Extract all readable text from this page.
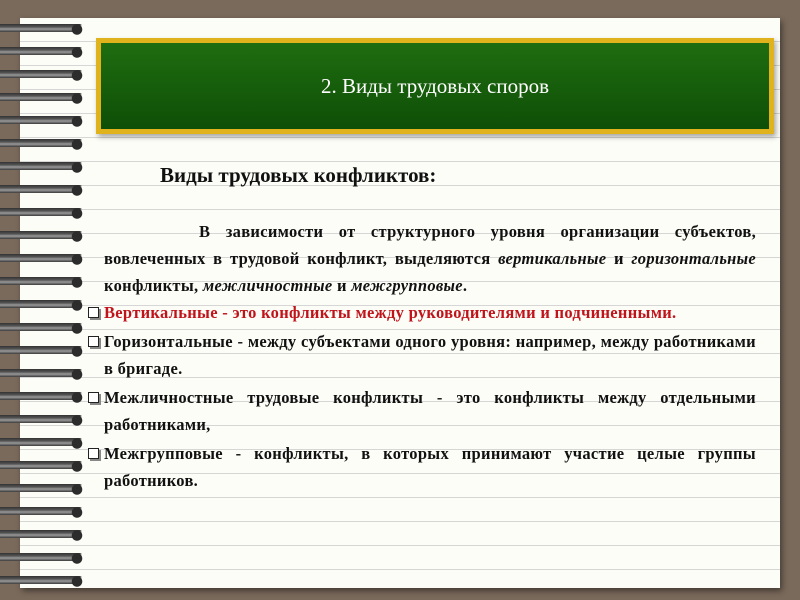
2. Виды трудовых споров
Виды трудовых конфликтов:

В зависимости от структурного уровня организации субъектов, вовлеченных в трудовой конфликт, выделяются вертикальные и горизонтальные конфликты, межличностные и межгрупповые.

Вертикальные - это конфликты между руководителями и подчиненными.

Горизонтальные - между субъектами одного уровня: например, между работниками в бригаде.

Межличностные трудовые конфликты - это конфликты между отдельными работниками,

Межгрупповые - конфликты, в которых принимают участие целые группы работников.
